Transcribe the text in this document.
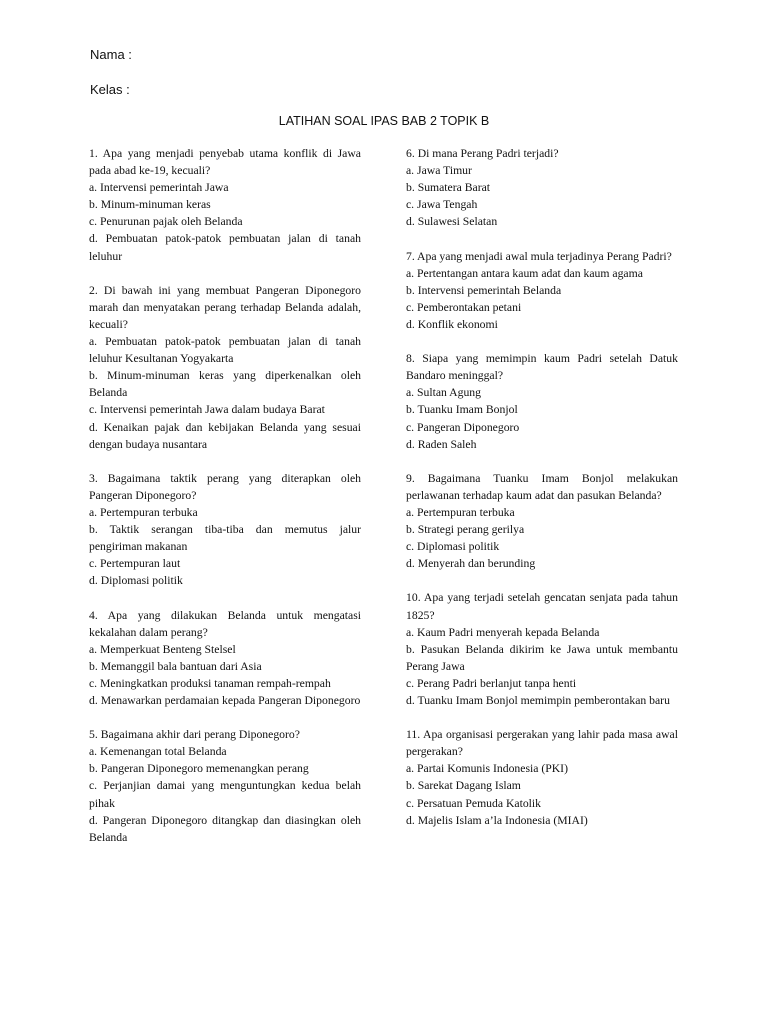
Nama :
Kelas :
LATIHAN SOAL IPAS BAB 2 TOPIK B
1. Apa yang menjadi penyebab utama konflik di Jawa pada abad ke-19, kecuali?
a. Intervensi pemerintah Jawa
b. Minum-minuman keras
c. Penurunan pajak oleh Belanda
d. Pembuatan patok-patok pembuatan jalan di tanah leluhur
2. Di bawah ini yang membuat Pangeran Diponegoro marah dan menyatakan perang terhadap Belanda adalah, kecuali?
a. Pembuatan patok-patok pembuatan jalan di tanah leluhur Kesultanan Yogyakarta
b. Minum-minuman keras yang diperkenalkan oleh Belanda
c. Intervensi pemerintah Jawa dalam budaya Barat
d. Kenaikan pajak dan kebijakan Belanda yang sesuai dengan budaya nusantara
3. Bagaimana taktik perang yang diterapkan oleh Pangeran Diponegoro?
a. Pertempuran terbuka
b. Taktik serangan tiba-tiba dan memutus jalur pengiriman makanan
c. Pertempuran laut
d. Diplomasi politik
4. Apa yang dilakukan Belanda untuk mengatasi kekalahan dalam perang?
a. Memperkuat Benteng Stelsel
b. Memanggil bala bantuan dari Asia
c. Meningkatkan produksi tanaman rempah-rempah
d. Menawarkan perdamaian kepada Pangeran Diponegoro
5. Bagaimana akhir dari perang Diponegoro?
a. Kemenangan total Belanda
b. Pangeran Diponegoro memenangkan perang
c. Perjanjian damai yang menguntungkan kedua belah pihak
d. Pangeran Diponegoro ditangkap dan diasingkan oleh Belanda
6. Di mana Perang Padri terjadi?
a. Jawa Timur
b. Sumatera Barat
c. Jawa Tengah
d. Sulawesi Selatan
7. Apa yang menjadi awal mula terjadinya Perang Padri?
a. Pertentangan antara kaum adat dan kaum agama
b. Intervensi pemerintah Belanda
c. Pemberontakan petani
d. Konflik ekonomi
8. Siapa yang memimpin kaum Padri setelah Datuk Bandaro meninggal?
a. Sultan Agung
b. Tuanku Imam Bonjol
c. Pangeran Diponegoro
d. Raden Saleh
9. Bagaimana Tuanku Imam Bonjol melakukan perlawanan terhadap kaum adat dan pasukan Belanda?
a. Pertempuran terbuka
b. Strategi perang gerilya
c. Diplomasi politik
d. Menyerah dan berunding
10. Apa yang terjadi setelah gencatan senjata pada tahun 1825?
a. Kaum Padri menyerah kepada Belanda
b. Pasukan Belanda dikirim ke Jawa untuk membantu Perang Jawa
c. Perang Padri berlanjut tanpa henti
d. Tuanku Imam Bonjol memimpin pemberontakan baru
11. Apa organisasi pergerakan yang lahir pada masa awal pergerakan?
a. Partai Komunis Indonesia (PKI)
b. Sarekat Dagang Islam
c. Persatuan Pemuda Katolik
d. Majelis Islam a’la Indonesia (MIAI)
